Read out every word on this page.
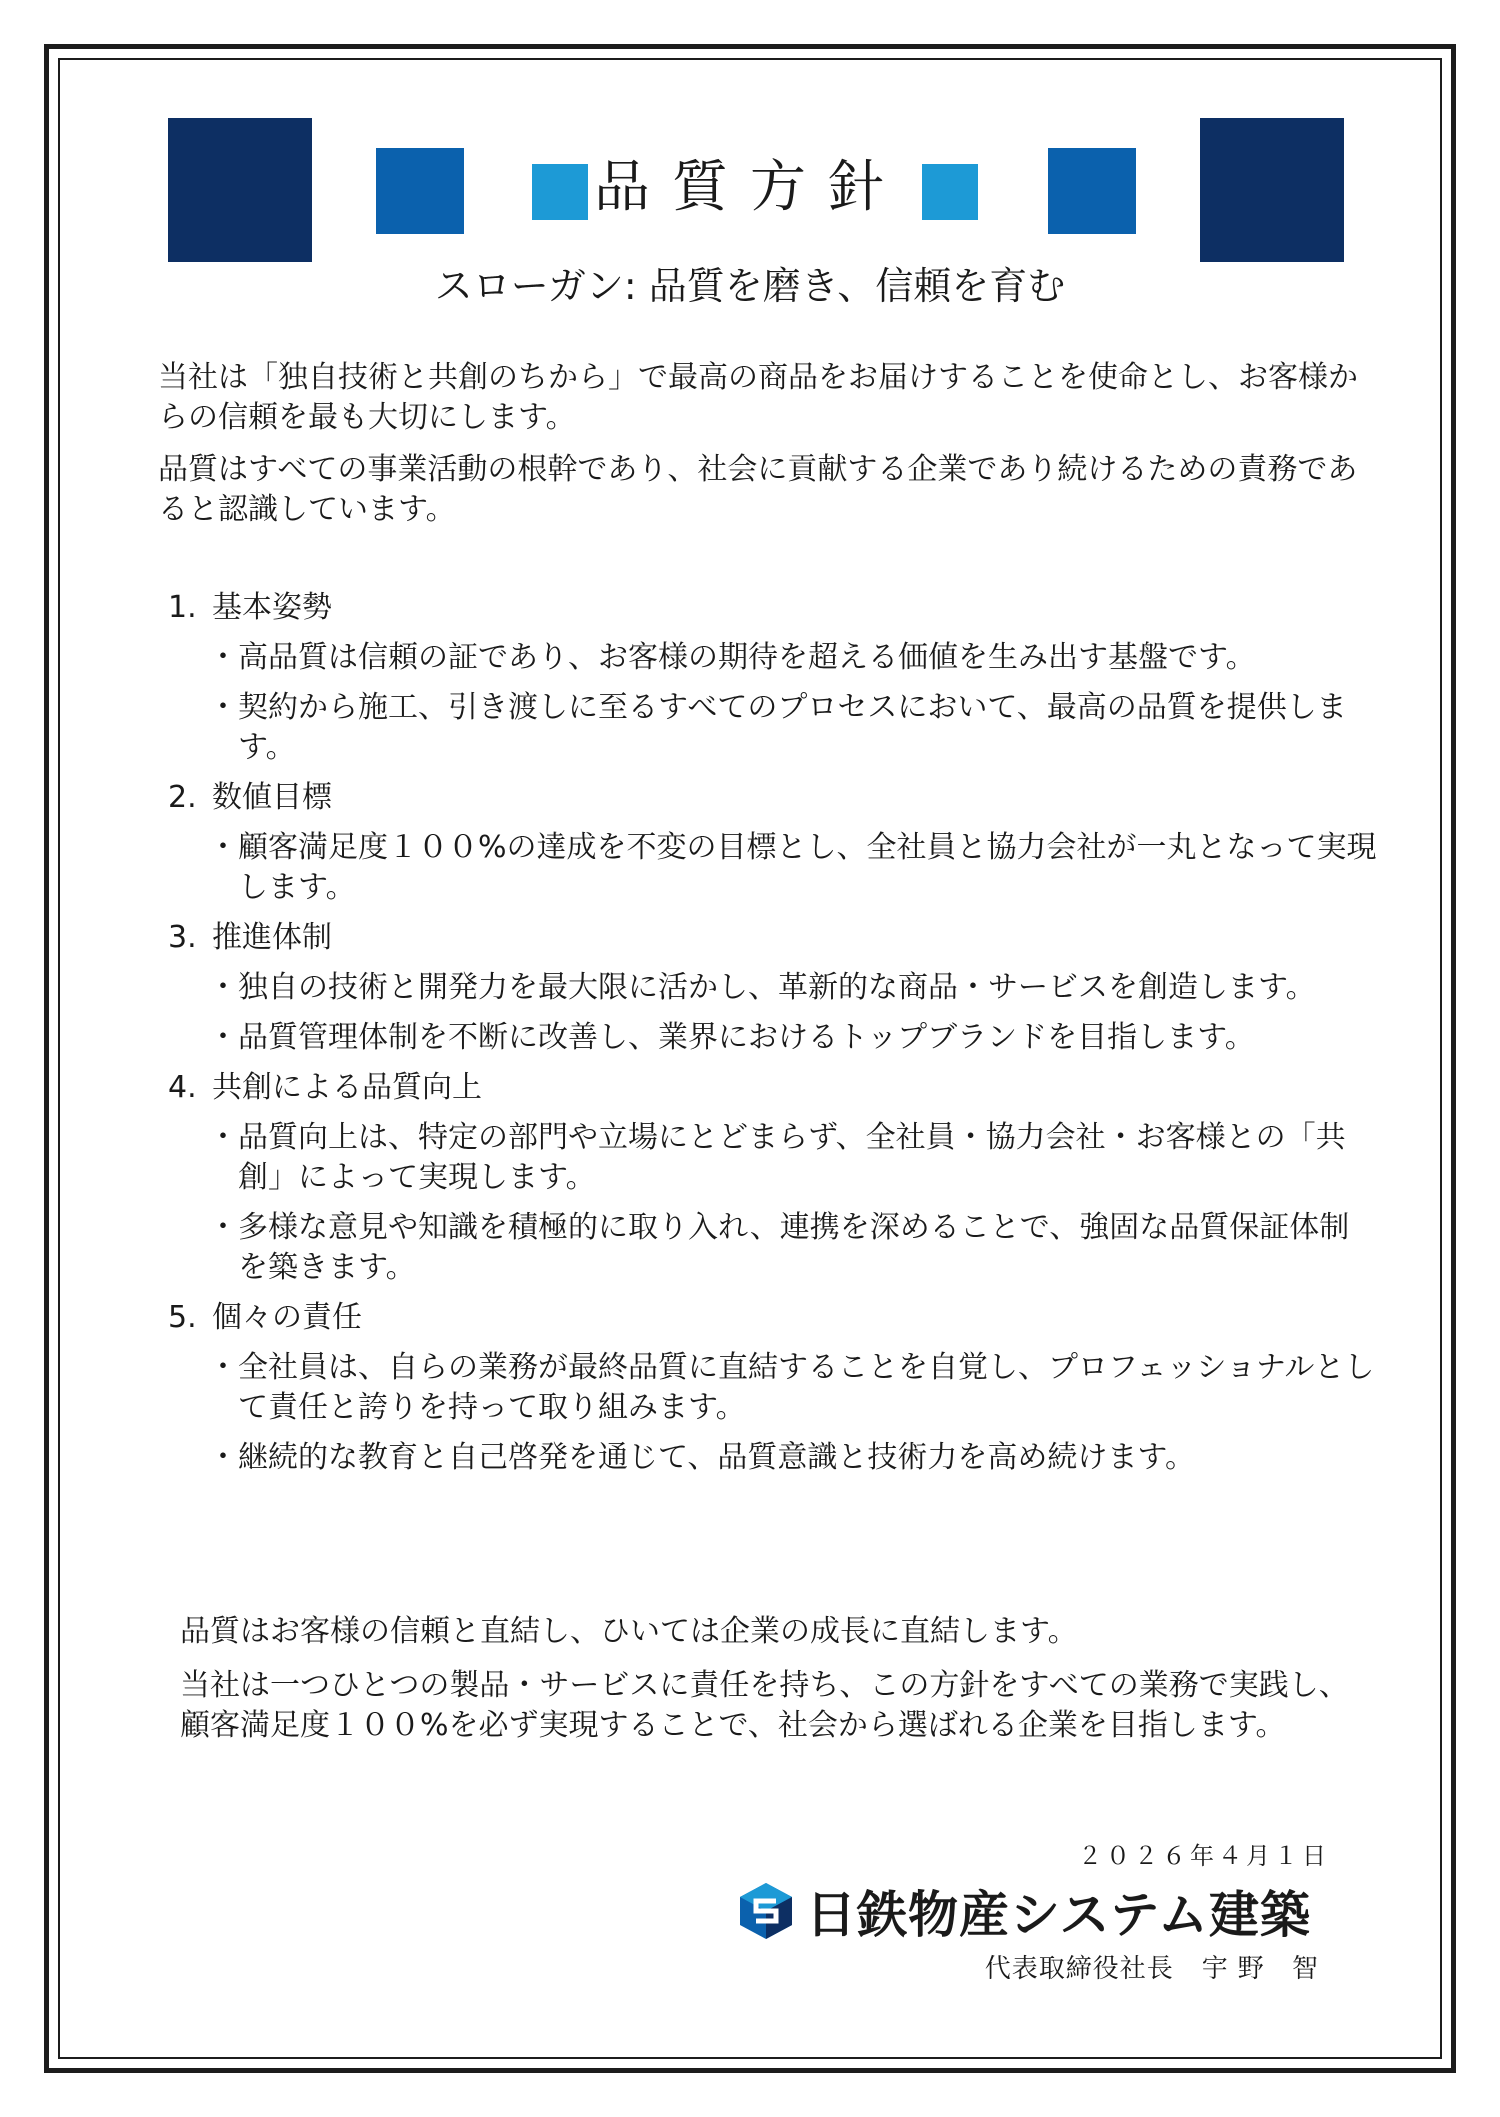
品質方針
スローガン: 品質を磨き、信頼を育む

当社は「独自技術と共創のちから」で最高の商品をお届けすることを使命とし、お客様からの信頼を最も大切にします。

品質はすべての事業活動の根幹であり、社会に貢献する企業であり続けるための責務であると認識しています。

1. 基本姿勢
・ 高品質は信頼の証であり、お客様の期待を超える価値を生み出す基盤です。
・ 契約から施工、引き渡しに至るすべてのプロセスにおいて、最高の品質を提供します。
2. 数値目標
・ 顧客満足度１００%の達成を不変の目標とし、全社員と協力会社が一丸となって実現します。
3. 推進体制
・ 独自の技術と開発力を最大限に活かし、革新的な商品・サービスを創造します。
・ 品質管理体制を不断に改善し、業界におけるトップブランドを目指します。
4. 共創による品質向上
・ 品質向上は、特定の部門や立場にとどまらず、全社員・協力会社・お客様との「共創」によって実現します。
・ 多様な意見や知識を積極的に取り入れ、連携を深めることで、強固な品質保証体制を築きます。
5. 個々の責任
・ 全社員は、自らの業務が最終品質に直結することを自覚し、プロフェッショナルとして責任と誇りを持って取り組みます。
・ 継続的な教育と自己啓発を通じて、品質意識と技術力を高め続けます。

品質はお客様の信頼と直結し、ひいては企業の成長に直結します。

当社は一つひとつの製品・サービスに責任を持ち、この方針をすべての業務で実践し、顧客満足度１００%を必ず実現することで、社会から選ばれる企業を目指します。

２０２６年４月１日
日鉄物産システム建築
代表取締役社長 宇野 智
